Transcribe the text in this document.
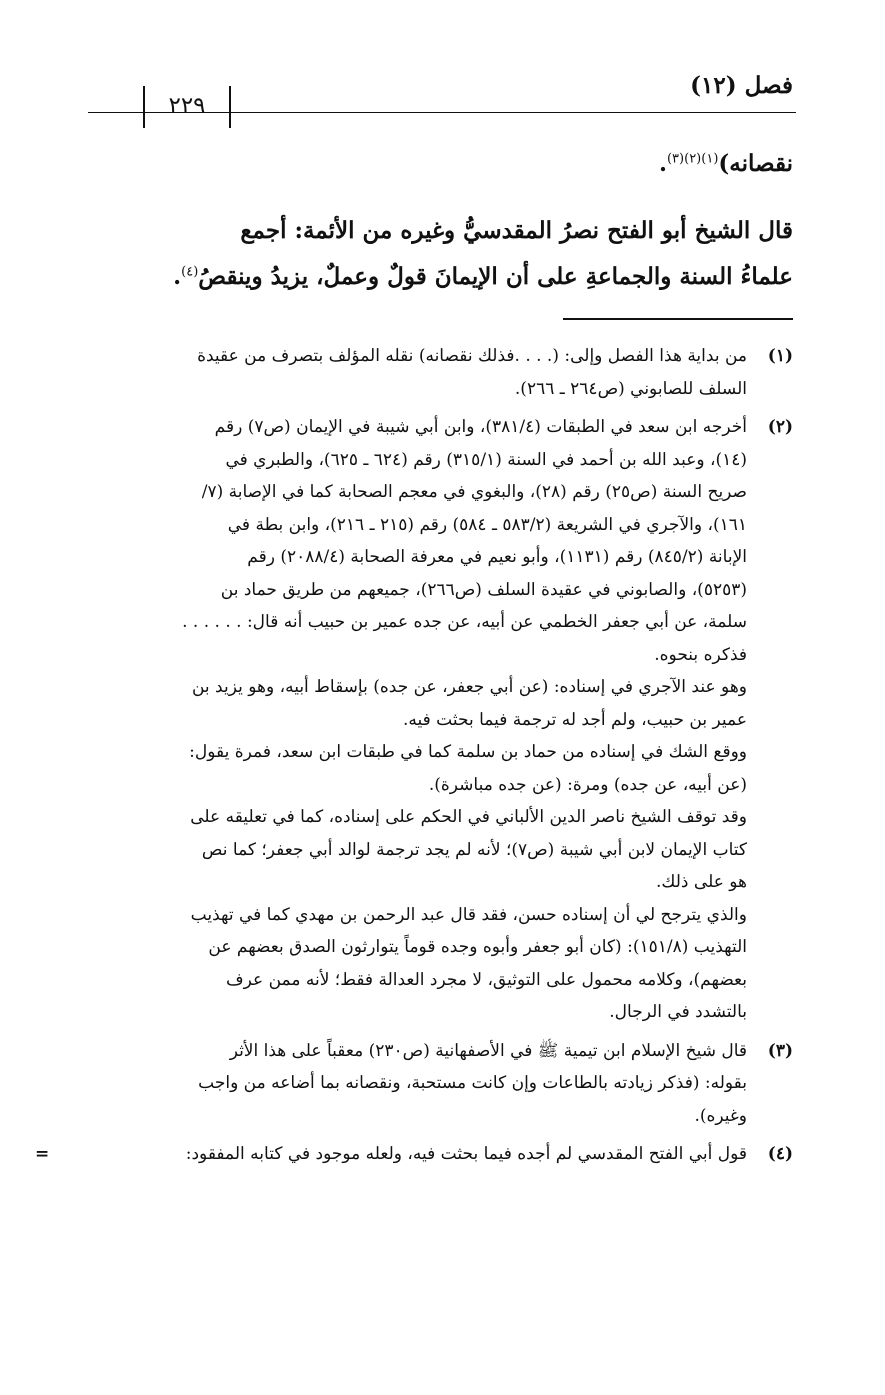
فصل (١٢)
٢٢٩
نقصانه)$^{(١)(٢)(٣)}$.
قال الشيخ أبو الفتح نصرُ المقدسيُّ وغيره من الأئمة: أجمع
علماءُ السنة والجماعةِ على أن الإيمانَ قولٌ وعملٌ، يزيدُ وينقصُ$^{(٤)}$.
(١)
من بداية هذا الفصل وإلى: (. . . .فذلك نقصانه) نقله المؤلف بتصرف من عقيدة
السلف للصابوني (ص٢٦٤ ـ ٢٦٦).
(٢)
أخرجه ابن سعد في الطبقات (٣٨١/٤)، وابن أبي شيبة في الإيمان (ص٧) رقم
(١٤)، وعبد الله بن أحمد في السنة (٣١٥/١) رقم (٦٢٤ ـ ٦٢٥)، والطبري في
صريح السنة (ص٢٥) رقم (٢٨)، والبغوي في معجم الصحابة كما في الإصابة (٧/
١٦١)، والآجري في الشريعة (٥٨٣/٢ ـ ٥٨٤) رقم (٢١٥ ـ ٢١٦)، وابن بطة في
الإبانة (٨٤٥/٢) رقم (١١٣١)، وأبو نعيم في معرفة الصحابة (٢٠٨٨/٤) رقم
(٥٢٥٣)، والصابوني في عقيدة السلف (ص٢٦٦)، جميعهم من طريق حماد بن
سلمة، عن أبي جعفر الخطمي عن أبيه، عن جده عمير بن حبيب أنه قال: . . . . . .
فذكره بنحوه.
وهو عند الآجري في إسناده: (عن أبي جعفر، عن جده) بإسقاط أبيه، وهو يزيد بن
عمير بن حبيب، ولم أجد له ترجمة فيما بحثت فيه.
ووقع الشك في إسناده من حماد بن سلمة كما في طبقات ابن سعد، فمرة يقول:
(عن أبيه، عن جده) ومرة: (عن جده مباشرة).
وقد توقف الشيخ ناصر الدين الألباني في الحكم على إسناده، كما في تعليقه على
كتاب الإيمان لابن أبي شيبة (ص٧)؛ لأنه لم يجد ترجمة لوالد أبي جعفر؛ كما نص
هو على ذلك.
والذي يترجح لي أن إسناده حسن، فقد قال عبد الرحمن بن مهدي كما في تهذيب
التهذيب (١٥١/٨): (كان أبو جعفر وأبوه وجده قوماً يتوارثون الصدق بعضهم عن
بعضهم)، وكلامه محمول على التوثيق، لا مجرد العدالة فقط؛ لأنه ممن عرف
بالتشدد في الرجال.
(٣)
قال شيخ الإسلام ابن تيمية ﷺ في الأصفهانية (ص٢٣٠) معقباً على هذا الأثر
بقوله: (فذكر زيادته بالطاعات وإن كانت مستحبة، ونقصانه بما أضاعه من واجب
وغيره).
(٤)
قول أبي الفتح المقدسي لم أجده فيما بحثت فيه، ولعله موجود في كتابه المفقود:
=
